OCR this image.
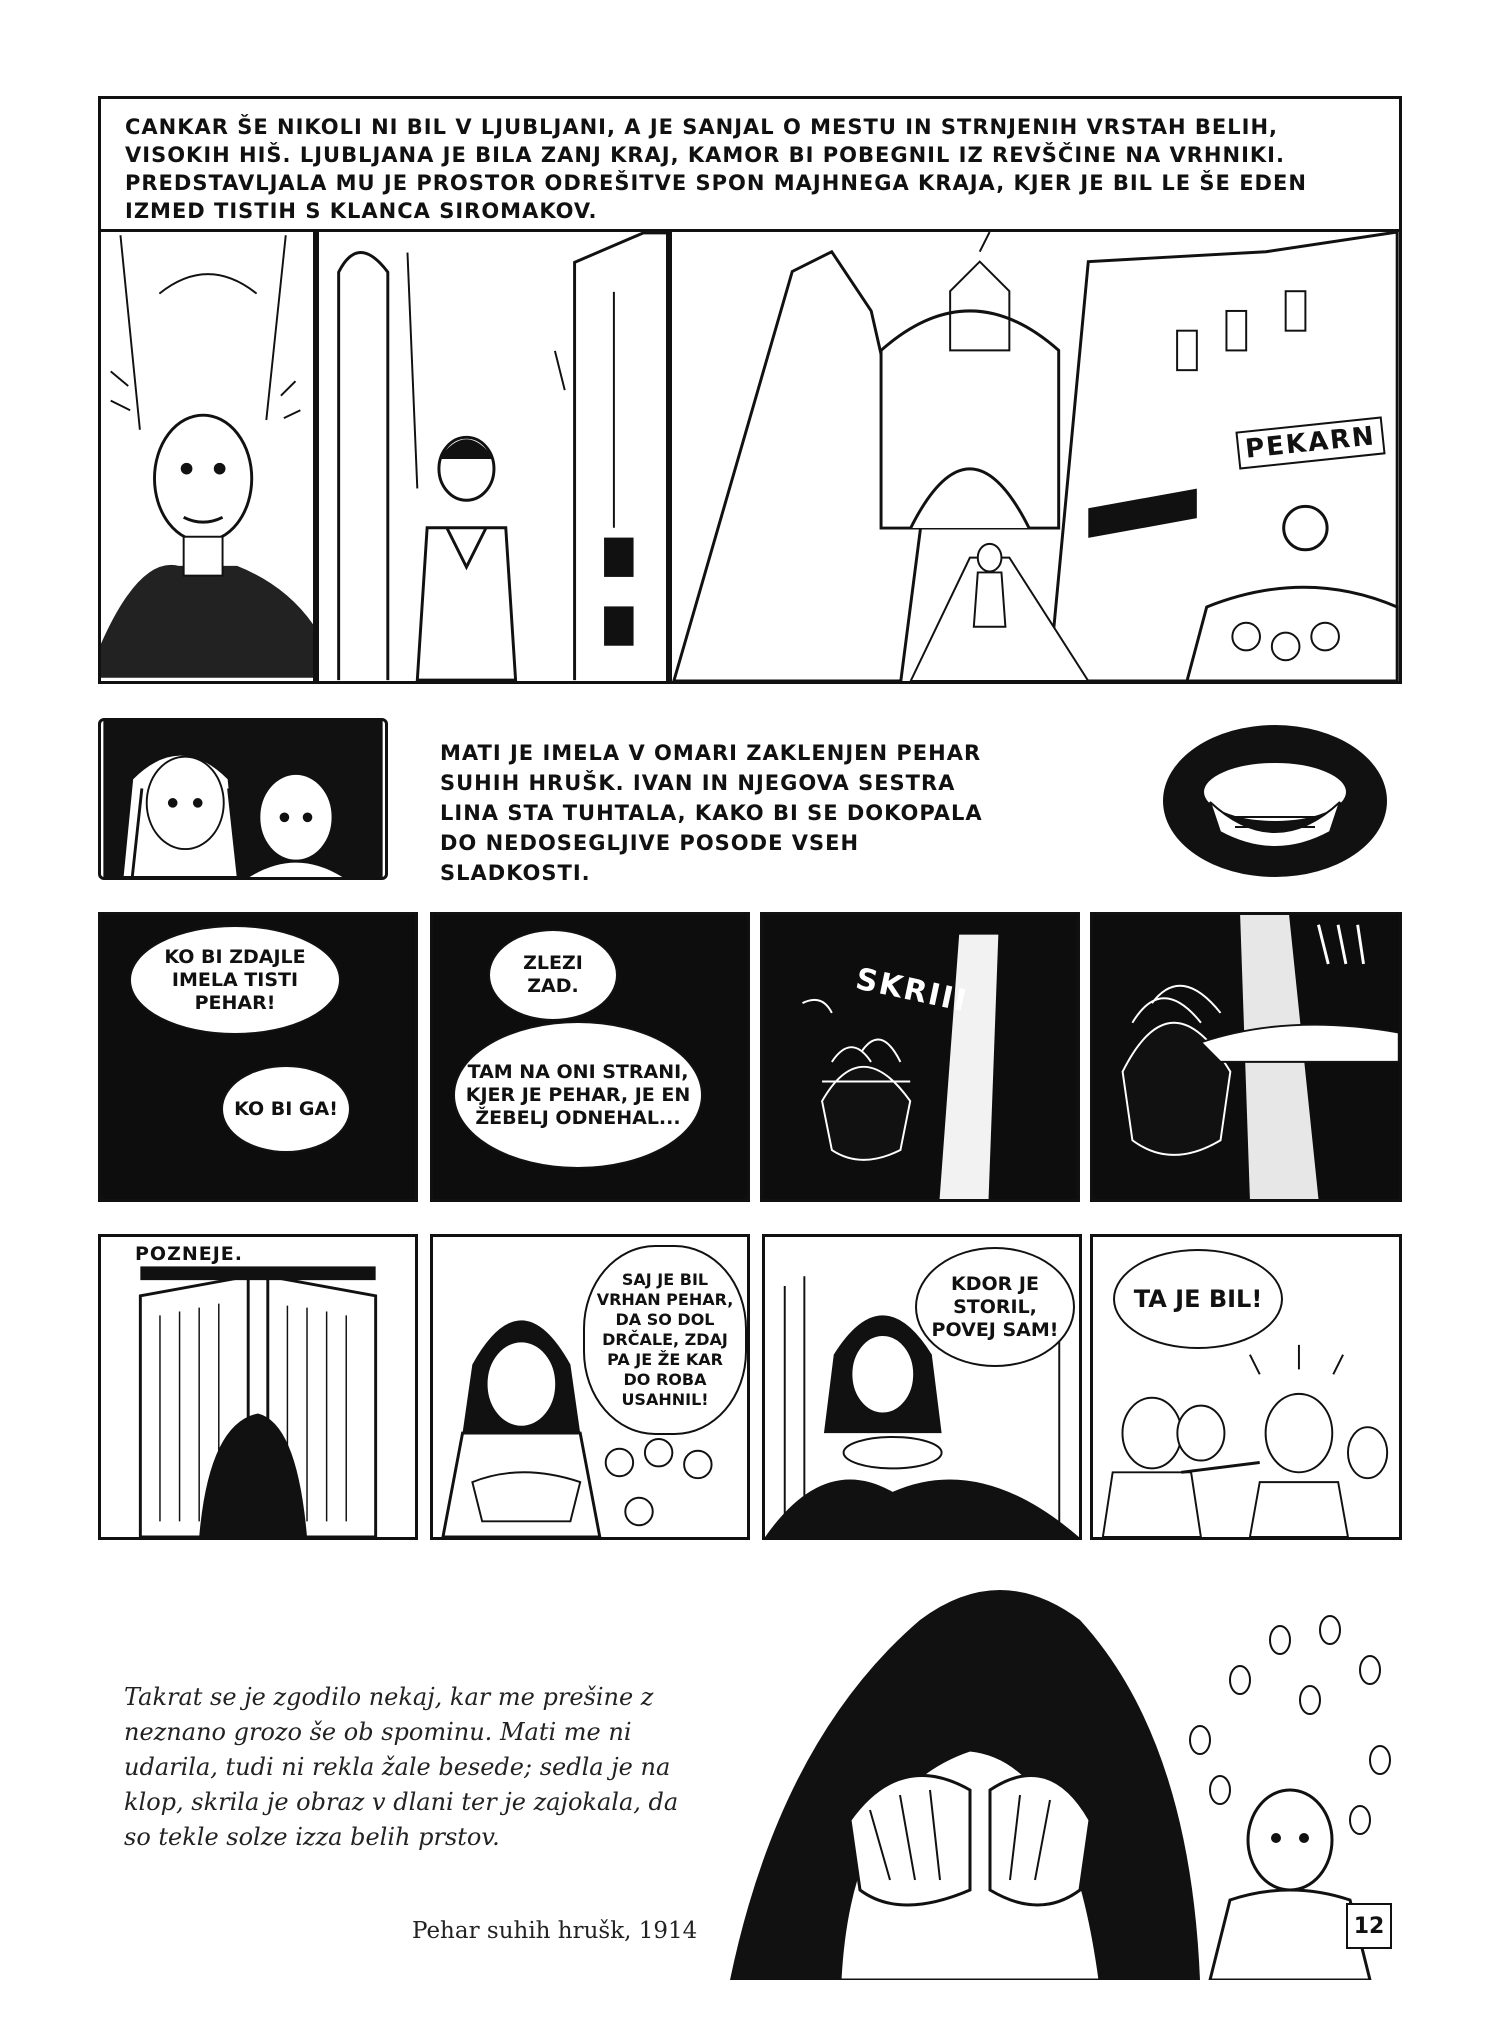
CANKAR ŠE NIKOLI NI BIL V LJUBLJANI, A JE SANJAL O MESTU IN STRNJENIH VRSTAH BELIH, VISOKIH HIŠ. LJUBLJANA JE BILA ZANJ KRAJ, KAMOR BI POBEGNIL IZ REVŠČINE NA VRHNIKI. PREDSTAVLJALA MU JE PROSTOR ODREŠITVE SPON MAJHNEGA KRAJA, KJER JE BIL LE ŠE EDEN IZMED TISTIH S KLANCA SIROMAKOV.
PEKARN
MATI JE IMELA V OMARI ZAKLENJEN PEHAR SUHIH HRUŠK. IVAN IN NJEGOVA SESTRA LINA STA TUHTALA, KAKO BI SE DOKOPALA DO NEDOSEGLJIVE POSODE VSEH SLADKOSTI.
KO BI ZDAJLE IMELA TISTI PEHAR!
KO BI GA!
ZLEZI ZAD.
TAM NA ONI STRANI, KJER JE PEHAR, JE EN ŽEBELJ ODNEHAL...
SKRIII
POZNEJE.
SAJ JE BIL VRHAN PEHAR, DA SO DOL DRČALE, ZDAJ PA JE ŽE KAR DO ROBA USAHNIL!
KDOR JE STORIL, POVEJ SAM!
TA JE BIL!
Takrat se je zgodilo nekaj, kar me prešine z neznano grozo še ob spominu. Mati me ni udarila, tudi ni rekla žale besede; sedla je na klop, skrila je obraz v dlani ter je zajokala, da so tekle solze izza belih prstov.
Pehar suhih hrušk, 1914	12
